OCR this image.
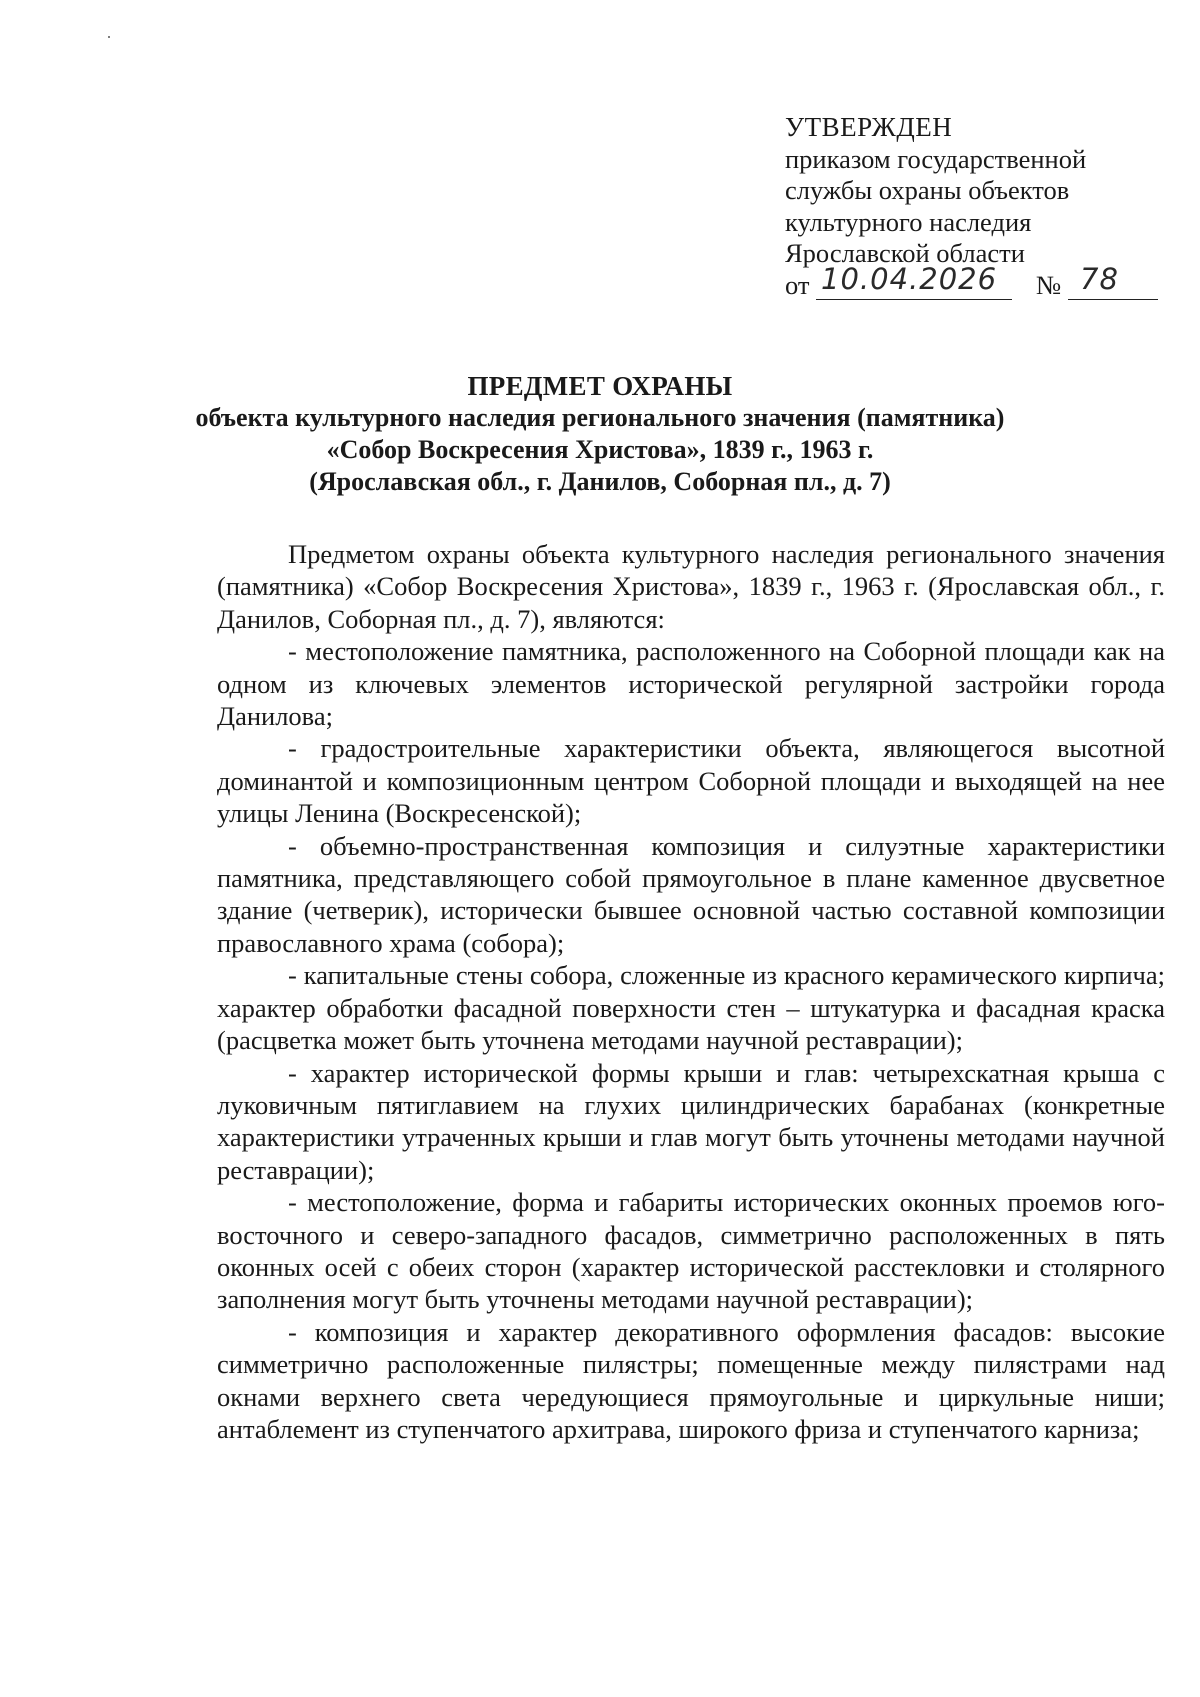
УТВЕРЖДЕН
приказом государственной
службы охраны объектов
культурного наследия
Ярославской области
от 10.04.2026 № 78
ПРЕДМЕТ ОХРАНЫ
объекта культурного наследия регионального значения (памятника)
«Собор Воскресения Христова», 1839 г., 1963 г.
(Ярославская обл., г. Данилов, Соборная пл., д. 7)

Предметом охраны объекта культурного наследия регионального значения (памятника) «Собор Воскресения Христова», 1839 г., 1963 г. (Ярославская обл., г. Данилов, Соборная пл., д. 7), являются:

- местоположение памятника, расположенного на Соборной площади как на одном из ключевых элементов исторической регулярной застройки города Данилова;

- градостроительные характеристики объекта, являющегося высотной доминантой и композиционным центром Соборной площади и выходящей на нее улицы Ленина (Воскресенской);

- объемно-пространственная композиция и силуэтные характеристики памятника, представляющего собой прямоугольное в плане каменное двусветное здание (четверик), исторически бывшее основной частью составной композиции православного храма (собора);

- капитальные стены собора, сложенные из красного керамического кирпича; характер обработки фасадной поверхности стен – штукатурка и фасадная краска (расцветка может быть уточнена методами научной реставрации);

- характер исторической формы крыши и глав: четырехскатная крыша с луковичным пятиглавием на глухих цилиндрических барабанах (конкретные характеристики утраченных крыши и глав могут быть уточнены методами научной реставрации);

- местоположение, форма и габариты исторических оконных проемов юго-восточного и северо-западного фасадов, симметрично расположенных в пять оконных осей с обеих сторон (характер исторической расстекловки и столярного заполнения могут быть уточнены методами научной реставрации);

- композиция и характер декоративного оформления фасадов: высокие симметрично расположенные пилястры; помещенные между пилястрами над окнами верхнего света чередующиеся прямоугольные и циркульные ниши; антаблемент из ступенчатого архитрава, широкого фриза и ступенчатого карниза;
